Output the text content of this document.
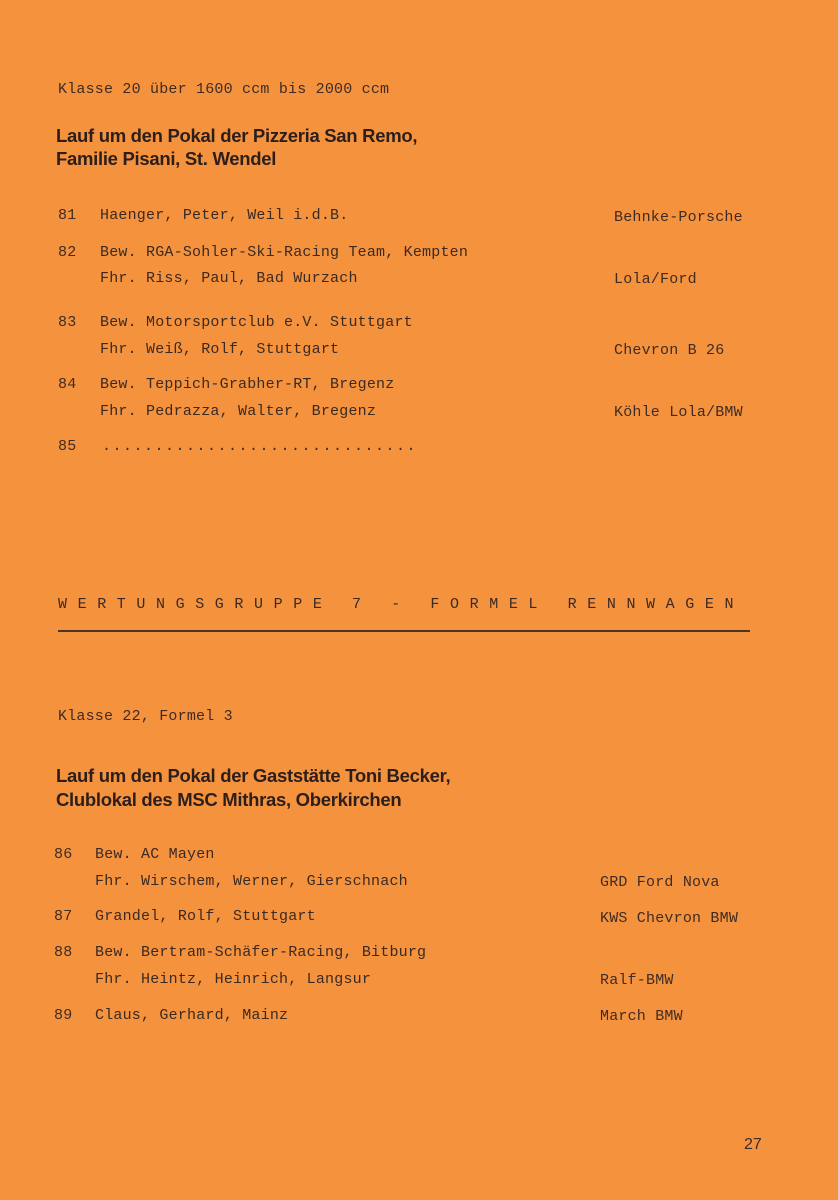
Klasse 20 über 1600 ccm bis 2000 ccm
Lauf um den Pokal der Pizzeria San Remo,
Familie Pisani, St. Wendel
81 Haenger, Peter, Weil i.d.B.	Behnke-Porsche
82 Bew. RGA-Sohler-Ski-Racing Team, Kempten
Fhr. Riss, Paul, Bad Wurzach	Lola/Ford
83 Bew. Motorsportclub e.V. Stuttgart
Fhr. Weiß, Rolf, Stuttgart	Chevron B 26
84 Bew. Teppich-Grabher-RT, Bregenz
Fhr. Pedrazza, Walter, Bregenz	Köhle Lola/BMW
85 ..............................
WERTUNGSGRUPPE 7 - FORMEL RENNWAGEN
Klasse 22, Formel 3
Lauf um den Pokal der Gaststätte Toni Becker,
Clublokal des MSC Mithras, Oberkirchen
86 Bew. AC Mayen
Fhr. Wirschem, Werner, Gierschnach	GRD Ford Nova
87 Grandel, Rolf, Stuttgart	KWS Chevron BMW
88 Bew. Bertram-Schäfer-Racing, Bitburg
Fhr. Heintz, Heinrich, Langsur	Ralf-BMW
89 Claus, Gerhard, Mainz	March BMW
27
